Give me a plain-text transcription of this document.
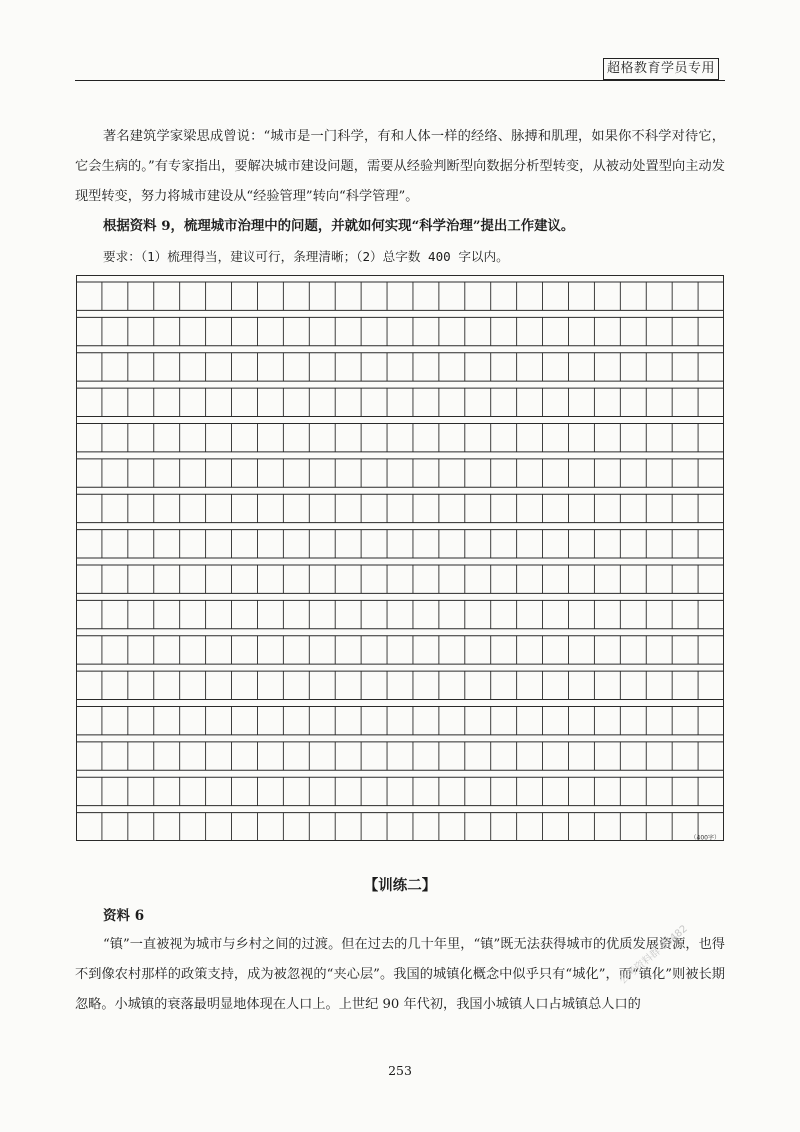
超格教育学员专用

著名建筑学家梁思成曾说：“城市是一门科学，有和人体一样的经络、脉搏和肌理，如果你不科学对待它，它会生病的。”有专家指出，要解决城市建设问题，需要从经验判断型向数据分析型转变，从被动处置型向主动发现型转变，努力将城市建设从“经验管理”转向“科学管理”。

根据资料 9，梳理城市治理中的问题，并就如何实现“科学治理”提出工作建议。

要求：（1）梳理得当，建议可行，条理清晰；（2）总字数 400 字以内。

（400字）

【训练二】

资料 6

“镇”一直被视为城市与乡村之间的过渡。但在过去的几十年里，“镇”既无法获得城市的优质发展资源，也得不到像农村那样的政策支持，成为被忽视的“夹心层”。我国的城镇化概念中似乎只有“城化”，而“镇化”则被长期忽略。小城镇的衰落最明显地体现在人口上。上世纪 90 年代初，我国小城镇人口占城镇总人口的

公考资料群 85482
253
